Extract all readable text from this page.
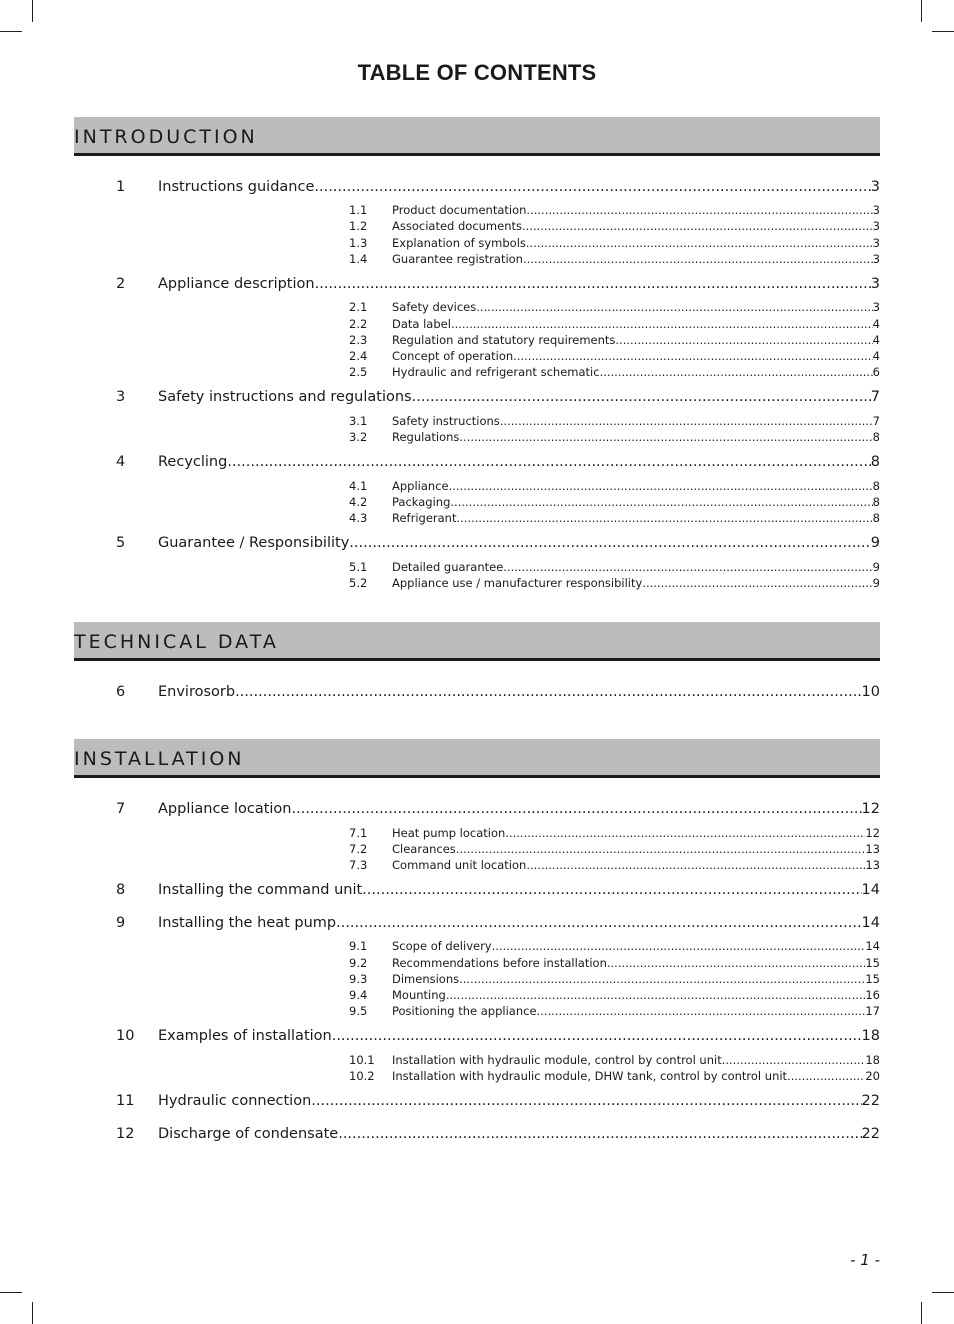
TABLE OF CONTENTS
INTRODUCTION
TECHNICAL DATA
INSTALLATION
1 Instructions guidance .....	3
1.1 Product documentation .....	3
1.2 Associated documents .....	3
1.3 Explanation of symbols .....	3
1.4 Guarantee registration .....	3
2 Appliance description .....	3
2.1 Safety devices .....	3
2.2 Data label .....	4
2.3 Regulation and statutory requirements .....	4
2.4 Concept of operation .....	4
2.5 Hydraulic and refrigerant schematic .....	6
3 Safety instructions and regulations .....	7
3.1 Safety instructions .....	7
3.2 Regulations .....	8
4 Recycling .....	8
4.1 Appliance .....	8
4.2 Packaging .....	8
4.3 Refrigerant .....	8
5 Guarantee / Responsibility .....	9
5.1 Detailed guarantee .....	9
5.2 Appliance use / manufacturer responsibility .....	9
6 Envirosorb .....	10
7 Appliance location .....	12
7.1 Heat pump location .....	12
7.2 Clearances .....	13
7.3 Command unit location .....	13
8 Installing the command unit .....	14
9 Installing the heat pump .....	14
9.1 Scope of delivery .....	14
9.2 Recommendations before installation .....	15
9.3 Dimensions .....	15
9.4 Mounting .....	16
9.5 Positioning the appliance .....	17
10 Examples of installation .....	18
10.1 Installation with hydraulic module, control by control unit .....	18
10.2 Installation with hydraulic module, DHW tank, control by control unit .....	20
11 Hydraulic connection .....	22
12 Discharge of condensate .....	22
- 1 -
